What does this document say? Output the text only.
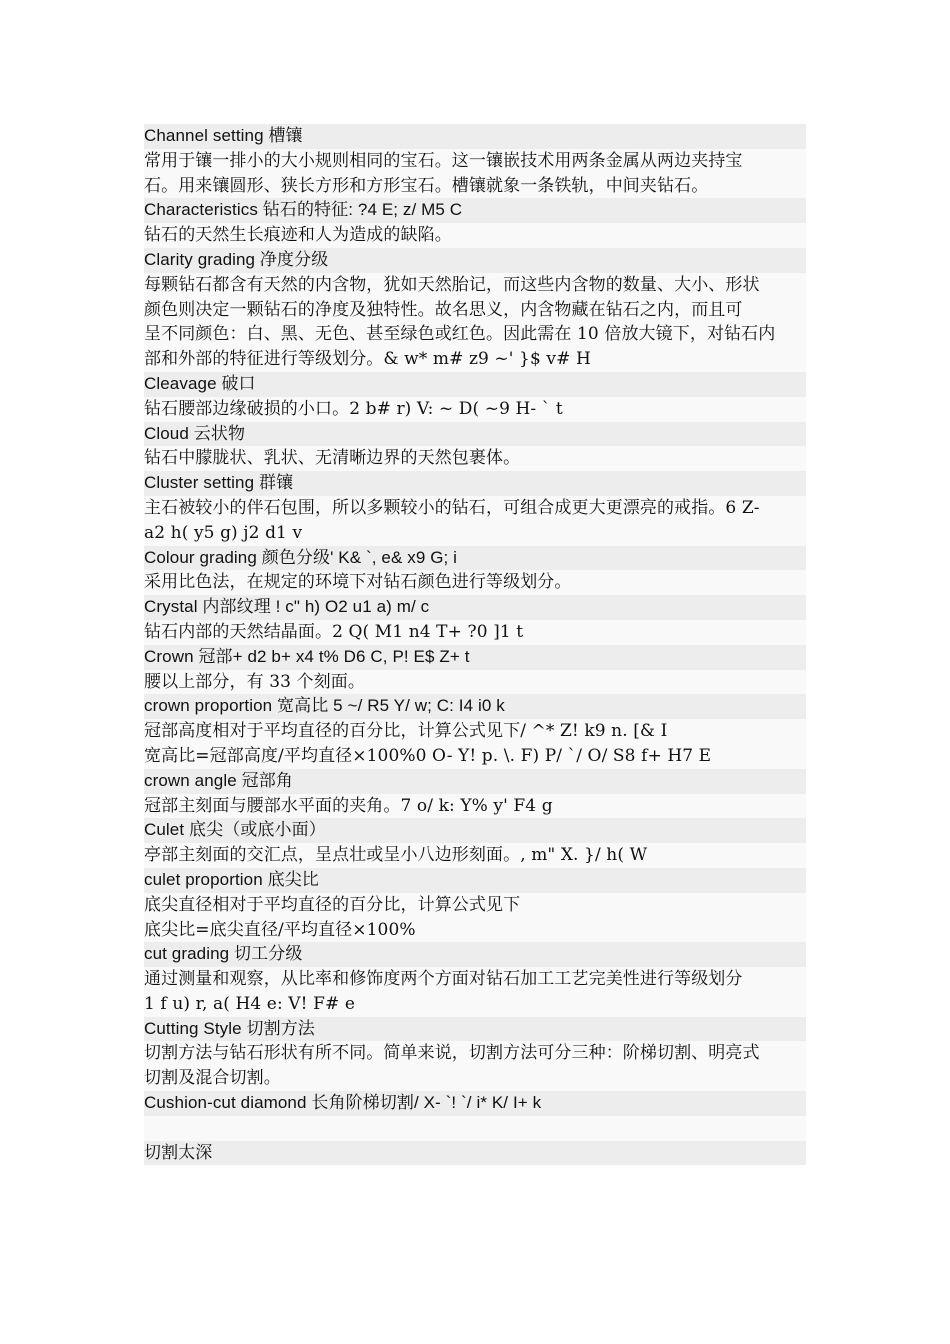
Channel setting 槽镶
常用于镶一排小的大小规则相同的宝石。这一镶嵌技术用两条金属从两边夹持宝
石。用来镶圆形、狭长方形和方形宝石。槽镶就象一条铁轨，中间夹钻石。
Characteristics 钻石的特征: ?4 E; z/ M5 C
钻石的天然生长痕迹和人为造成的缺陷。
Clarity grading 净度分级
每颗钻石都含有天然的内含物，犹如天然胎记，而这些内含物的数量、大小、形状
颜色则决定一颗钻石的净度及独特性。故名思义，内含物藏在钻石之内，而且可
呈不同颜色：白、黑、无色、甚至绿色或红色。因此需在 10 倍放大镜下，对钻石内
部和外部的特征进行等级划分。& w* m# z9 ~' }$ v# H
Cleavage 破口
钻石腰部边缘破损的小口。2 b# r) V: ~ D( ~9 H- ` t
Cloud 云状物
钻石中朦胧状、乳状、无清晰边界的天然包裹体。
Cluster setting 群镶
主石被较小的伴石包围，所以多颗较小的钻石，可组合成更大更漂亮的戒指。6 Z-
a2 h( y5 g) j2 d1 v
Colour grading 颜色分级' K& `, e& x9 G; i
采用比色法，在规定的环境下对钻石颜色进行等级划分。
Crystal 内部纹理 ! c" h) O2 u1 a) m/ c
钻石内部的天然结晶面。2 Q( M1 n4 T+ ?0 ]1 t
Crown 冠部+ d2 b+ x4 t% D6 C, P! E$ Z+ t
腰以上部分，有 33 个刻面。
crown proportion 宽高比 5 ~/ R5 Y/ w; C: I4 i0 k
冠部高度相对于平均直径的百分比，计算公式见下/ ^* Z! k9 n. [& I
宽高比=冠部高度/平均直径×100%0 O- Y! p. \. F) P/ `/ O/ S8 f+ H7 E
crown angle 冠部角
冠部主刻面与腰部水平面的夹角。7 o/ k: Y% y' F4 g
Culet 底尖（或底小面）
亭部主刻面的交汇点，呈点壮或呈小八边形刻面。, m" X. }/ h( W
culet proportion 底尖比
底尖直径相对于平均直径的百分比，计算公式见下
底尖比=底尖直径/平均直径×100%
cut grading 切工分级
通过测量和观察，从比率和修饰度两个方面对钻石加工工艺完美性进行等级划分
1 f u) r, a( H4 e: V! F# e
Cutting Style 切割方法
切割方法与钻石形状有所不同。简单来说，切割方法可分三种：阶梯切割、明亮式
切割及混合切割。
Cushion-cut diamond 长角阶梯切割/ X- `! `/ i* K/ I+ k
切割太深
